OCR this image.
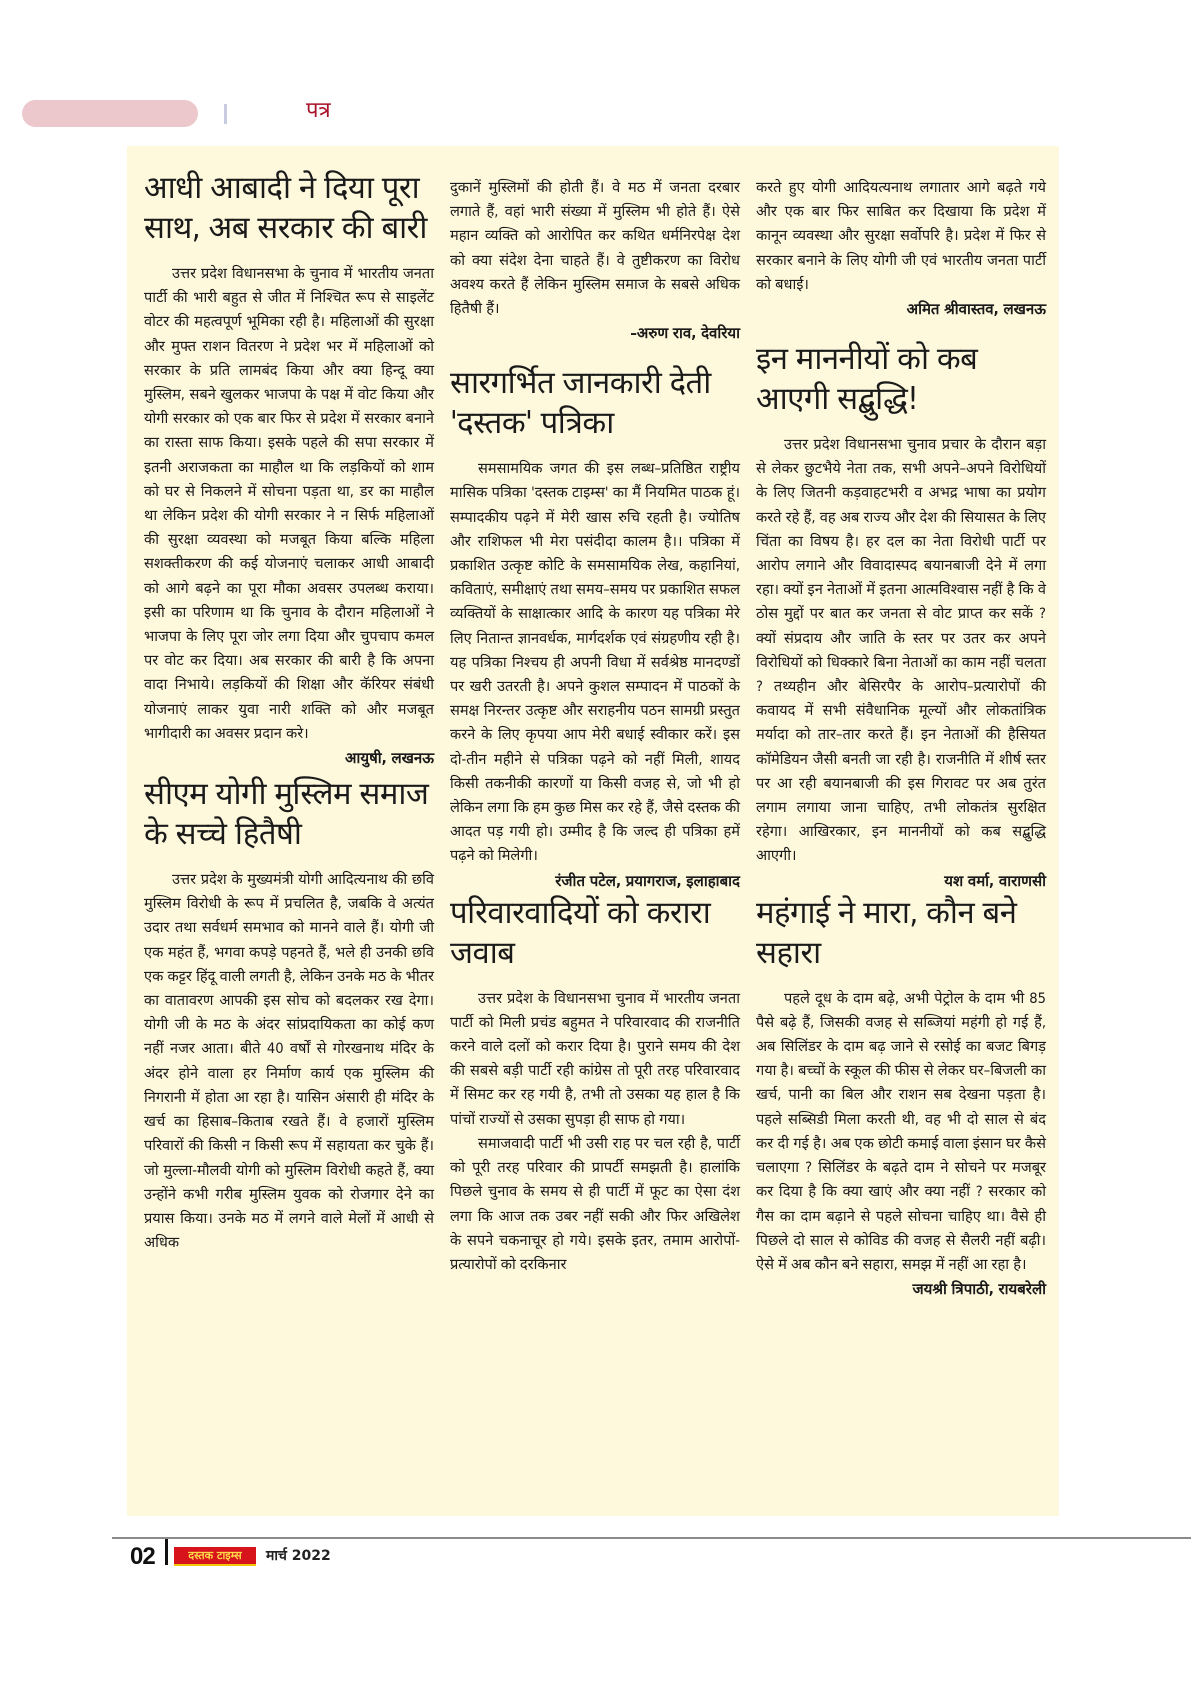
पत्र
आधी आबादी ने दिया पूरा साथ, अब सरकार की बारी

उत्तर प्रदेश विधानसभा के चुनाव में भारतीय जनता पार्टी की भारी बहुत से जीत में निश्चित रूप से साइलेंट वोटर की महत्वपूर्ण भूमिका रही है। महिलाओं की सुरक्षा और मुफ्त राशन वितरण ने प्रदेश भर में महिलाओं को सरकार के प्रति लामबंद किया और क्या हिन्दू क्या मुस्लिम, सबने खुलकर भाजपा के पक्ष में वोट किया और योगी सरकार को एक बार फिर से प्रदेश में सरकार बनाने का रास्ता साफ किया। इसके पहले की सपा सरकार में इतनी अराजकता का माहौल था कि लड़कियों को शाम को घर से निकलने में सोचना पड़ता था, डर का माहौल था लेकिन प्रदेश की योगी सरकार ने न सिर्फ महिलाओं की सुरक्षा व्यवस्था को मजबूत किया बल्कि महिला सशक्तीकरण की कई योजनाएं चलाकर आधी आबादी को आगे बढ़ने का पूरा मौका अवसर उपलब्ध कराया। इसी का परिणाम था कि चुनाव के दौरान महिलाओं ने भाजपा के लिए पूरा जोर लगा दिया और चुपचाप कमल पर वोट कर दिया। अब सरकार की बारी है कि अपना वादा निभाये। लड़कियों की शिक्षा और कॅरियर संबंधी योजनाएं लाकर युवा नारी शक्ति को और मजबूत भागीदारी का अवसर प्रदान करे।

आयुषी, लखनऊ
सीएम योगी मुस्लिम समाज के सच्चे हितैषी

उत्तर प्रदेश के मुख्यमंत्री योगी आदित्यनाथ की छवि मुस्लिम विरोधी के रूप में प्रचलित है, जबकि वे अत्यंत उदार तथा सर्वधर्म समभाव को मानने वाले हैं। योगी जी एक महंत हैं, भगवा कपड़े पहनते हैं, भले ही उनकी छवि एक कट्टर हिंदू वाली लगती है, लेकिन उनके मठ के भीतर का वातावरण आपकी इस सोच को बदलकर रख देगा। योगी जी के मठ के अंदर सांप्रदायिकता का कोई कण नहीं नजर आता। बीते 40 वर्षों से गोरखनाथ मंदिर के अंदर होने वाला हर निर्माण कार्य एक मुस्लिम की निगरानी में होता आ रहा है। यासिन अंसारी ही मंदिर के खर्च का हिसाब–किताब रखते हैं। वे हजारों मुस्लिम परिवारों की किसी न किसी रूप में सहायता कर चुके हैं। जो मुल्ला-मौलवी योगी को मुस्लिम विरोधी कहते हैं, क्या उन्होंने कभी गरीब मुस्लिम युवक को रोजगार देने का प्रयास किया। उनके मठ में लगने वाले मेलों में आधी से अधिक

दुकानें मुस्लिमों की होती हैं। वे मठ में जनता दरबार लगाते हैं, वहां भारी संख्या में मुस्लिम भी होते हैं। ऐसे महान व्यक्ति को आरोपित कर कथित धर्मनिरपेक्ष देश को क्या संदेश देना चाहते हैं। वे तुष्टीकरण का विरोध अवश्य करते हैं लेकिन मुस्लिम समाज के सबसे अधिक हितैषी हैं।

–अरुण राव, देवरिया
सारगर्भित जानकारी देती 'दस्तक' पत्रिका

समसामयिक जगत की इस लब्ध–प्रतिष्ठित राष्ट्रीय मासिक पत्रिका 'दस्तक टाइम्स' का मैं नियमित पाठक हूं। सम्पादकीय पढ़ने में मेरी खास रुचि रहती है। ज्योतिष और राशिफल भी मेरा पसंदीदा कालम है।। पत्रिका में प्रकाशित उत्कृष्ट कोटि के समसामयिक लेख, कहानियां, कविताएं, समीक्षाएं तथा समय–समय पर प्रकाशित सफल व्यक्तियों के साक्षात्कार आदि के कारण यह पत्रिका मेरे लिए नितान्त ज्ञानवर्धक, मार्गदर्शक एवं संग्रहणीय रही है। यह पत्रिका निश्चय ही अपनी विधा में सर्वश्रेष्ठ मानदण्डों पर खरी उतरती है। अपने कुशल सम्पादन में पाठकों के समक्ष निरन्तर उत्कृष्ट और सराहनीय पठन सामग्री प्रस्तुत करने के लिए कृपया आप मेरी बधाई स्वीकार करें। इस दो-तीन महीने से पत्रिका पढ़ने को नहीं मिली, शायद किसी तकनीकी कारणों या किसी वजह से, जो भी हो लेकिन लगा कि हम कुछ मिस कर रहे हैं, जैसे दस्तक की आदत पड़ गयी हो। उम्मीद है कि जल्द ही पत्रिका हमें पढ़ने को मिलेगी।

रंजीत पटेल, प्रयागराज, इलाहाबाद
परिवारवादियों को करारा जवाब

उत्तर प्रदेश के विधानसभा चुनाव में भारतीय जनता पार्टी को मिली प्रचंड बहुमत ने परिवारवाद की राजनीति करने वाले दलों को करार दिया है। पुराने समय की देश की सबसे बड़ी पार्टी रही कांग्रेस तो पूरी तरह परिवारवाद में सिमट कर रह गयी है, तभी तो उसका यह हाल है कि पांचों राज्यों से उसका सुपड़ा ही साफ हो गया।

समाजवादी पार्टी भी उसी राह पर चल रही है, पार्टी को पूरी तरह परिवार की प्रापर्टी समझती है। हालांकि पिछले चुनाव के समय से ही पार्टी में फूट का ऐसा दंश लगा कि आज तक उबर नहीं सकी और फिर अखिलेश के सपने चकनाचूर हो गये। इसके इतर, तमाम आरोपों-प्रत्यारोपों को दरकिनार

करते हुए योगी आदियत्यनाथ लगातार आगे बढ़ते गये और एक बार फिर साबित कर दिखाया कि प्रदेश में कानून व्यवस्था और सुरक्षा सर्वोपरि है। प्रदेश में फिर से सरकार बनाने के लिए योगी जी एवं भारतीय जनता पार्टी को बधाई।

अमित श्रीवास्तव, लखनऊ
इन माननीयों को कब आएगी सद्बुद्धि!

उत्तर प्रदेश विधानसभा चुनाव प्रचार के दौरान बड़ा से लेकर छुटभैये नेता तक, सभी अपने–अपने विरोधियों के लिए जितनी कड़वाहटभरी व अभद्र भाषा का प्रयोग करते रहे हैं, वह अब राज्य और देश की सियासत के लिए चिंता का विषय है। हर दल का नेता विरोधी पार्टी पर आरोप लगाने और विवादास्पद बयानबाजी देने में लगा रहा। क्यों इन नेताओं में इतना आत्मविश्वास नहीं है कि वे ठोस मुद्दों पर बात कर जनता से वोट प्राप्त कर सकें ? क्यों संप्रदाय और जाति के स्तर पर उतर कर अपने विरोधियों को धिक्कारे बिना नेताओं का काम नहीं चलता ? तथ्यहीन और बेसिरपैर के आरोप–प्रत्यारोपों की कवायद में सभी संवैधानिक मूल्यों और लोकतांत्रिक मर्यादा को तार–तार करते हैं। इन नेताओं की हैसियत कॉमेडियन जैसी बनती जा रही है। राजनीति में शीर्ष स्तर पर आ रही बयानबाजी की इस गिरावट पर अब तुरंत लगाम लगाया जाना चाहिए, तभी लोकतंत्र सुरक्षित रहेगा। आखिरकार, इन माननीयों को कब सद्बुद्धि आएगी।

यश वर्मा, वाराणसी
महंगाई ने मारा, कौन बने सहारा

पहले दूध के दाम बढ़े, अभी पेट्रोल के दाम भी 85 पैसे बढ़े हैं, जिसकी वजह से सब्जियां महंगी हो गई हैं, अब सिलिंडर के दाम बढ़ जाने से रसोई का बजट बिगड़ गया है। बच्चों के स्कूल की फीस से लेकर घर–बिजली का खर्च, पानी का बिल और राशन सब देखना पड़ता है। पहले सब्सिडी मिला करती थी, वह भी दो साल से बंद कर दी गई है। अब एक छोटी कमाई वाला इंसान घर कैसे चलाएगा ? सिलिंडर के बढ़ते दाम ने सोचने पर मजबूर कर दिया है कि क्या खाएं और क्या नहीं ? सरकार को गैस का दाम बढ़ाने से पहले सोचना चाहिए था। वैसे ही पिछले दो साल से कोविड की वजह से सैलरी नहीं बढ़ी। ऐसे में अब कौन बने सहारा, समझ में नहीं आ रहा है।

जयश्री त्रिपाठी, रायबरेली
02	दस्तक टाइम्स	मार्च 2022
